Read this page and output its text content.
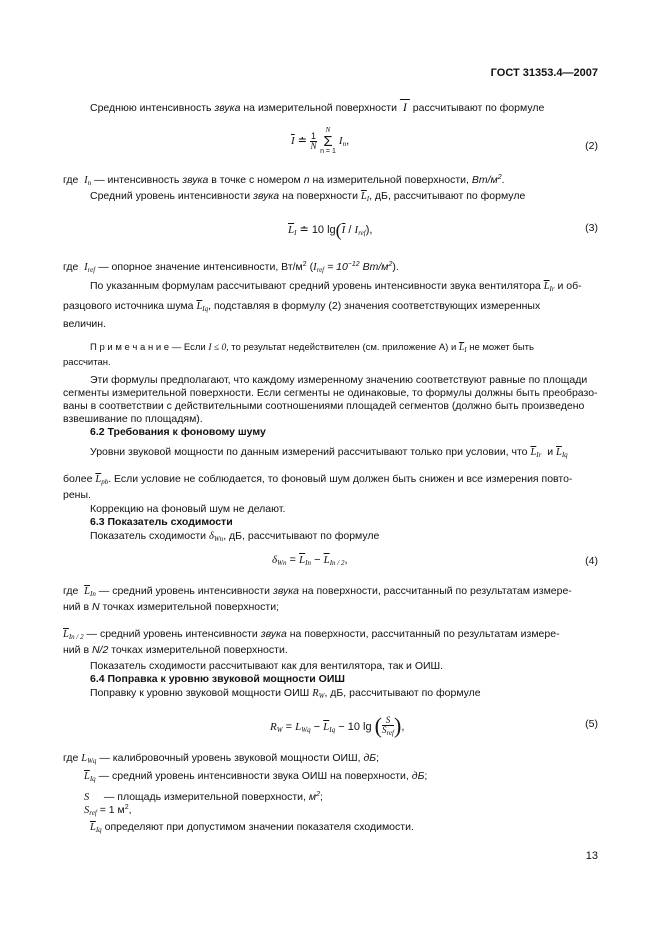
ГОСТ 31353.4—2007
Среднюю интенсивность звука на измерительной поверхности  I  рассчитывают по формуле
$\overline{I}$ ≐ $\frac{1}{N}$
N
Σ
n = 1 $I_n$,	(2)
где $I_n$ — интенсивность звука в точке с номером n на измерительной поверхности, $Вт/м^2$.
Средний уровень интенсивности звука на поверхности $\overline{L}_I$, дБ, рассчитывают по формуле
$\overline{L}_I$ ≐ 10 $\lg(\overline{I} / I_{ref})$,	(3)
где $I_{ref}$ — опорное значение интенсивности, $Вт/м^2$ ($I_{ref} = 10^{-12}$ $Вт/м^2$).
По указанным формулам рассчитывают средний уровень интенсивности звука вентилятора $\overline{L}_{Ir}$ и об-
разцового источника шума $\overline{L}_{Iq}$, подставляя в формулу (2) значения соответствующих измеренных
величин.
П р и м е ч а н и е — Если I ≤ 0, то результат недействителен (см. приложение А) и $\overline{L}_I$ не может быть
рассчитан.
Эти формулы предполагают, что каждому измеренному значению соответствуют равные по площади
сегменты измерительной поверхности. Если сегменты не одинаковые, то формулы должны быть преобразо-
ваны в соответствии с действительными соотношениями площадей сегментов (должно быть произведено
взвешивание по площадям).
6.2 Требования к фоновому шуму
Уровни звуковой мощности по данным измерений рассчитывают только при условии, что $\overline{L}_{Ir}$ и $\overline{L}_{Iq}$
более $\overline{L}_{pb}$. Если условие не соблюдается, то фоновый шум должен быть снижен и все измерения повто-
рены.
Коррекцию на фоновый шум не делают.
6.3 Показатель сходимости
Показатель сходимости $\delta_{Wn}$, дБ, рассчитывают по формуле
$\delta_{Wn} = \overline{L}_{In} - \overline{L}_{In / 2}$,	(4)
где $\overline{L}_{In}$ — средний уровень интенсивности звука на поверхности, рассчитанный по результатам измере-
ний в N точках измерительной поверхности;
$\overline{L}_{In / 2}$ — средний уровень интенсивности звука на поверхности, рассчитанный по результатам измере-
ний в N/2 точках измерительной поверхности.
Показатель сходимости рассчитывают как для вентилятора, так и ОИШ.
6.4 Поправка к уровню звуковой мощности ОИШ
Поправку к уровню звуковой мощности ОИШ $R_W$, дБ, рассчитывают по формуле
$R_W = L_{Wq} - \overline{L}_{Iq} - 10$ lg ( $\frac{S}{S_{ref}}$ ),	(5)
где $L_{Wq}$ — калибровочный уровень звуковой мощности ОИШ, дБ;
$\overline{L}_{Iq}$ — средний уровень интенсивности звука ОИШ на поверхности, дБ;
S — площадь измерительной поверхности, $м^2$;
$S_{ref} = 1$ $м^2$,
$\overline{L}_{Iq}$ определяют при допустимом значении показателя сходимости.
13
